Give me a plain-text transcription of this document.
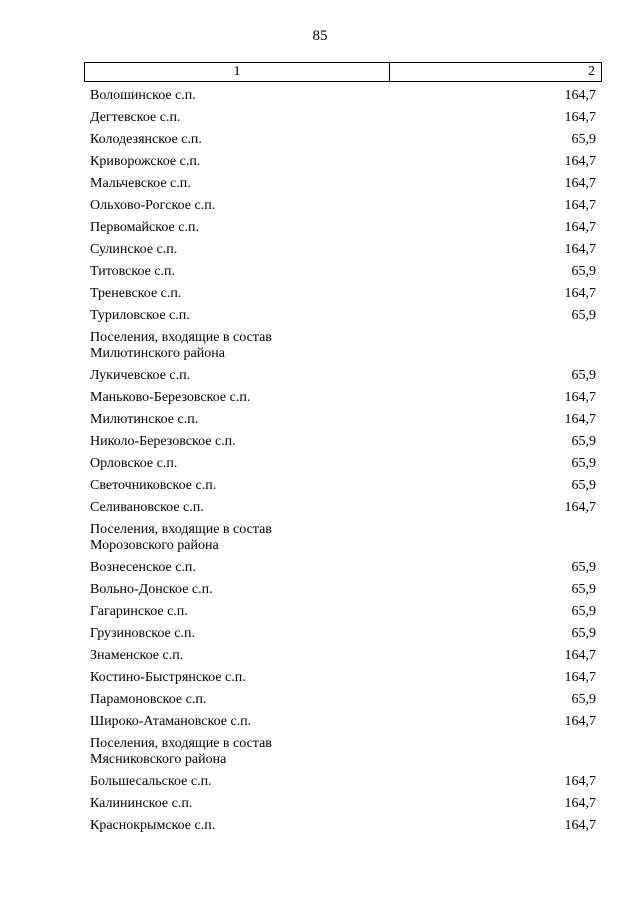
85
1	2
Волошинское с.п.	164,7
Дегтевское с.п.	164,7
Колодезянское с.п.	65,9
Криворожское с.п.	164,7
Мальчевское с.п.	164,7
Ольхово-Рогское с.п.	164,7
Первомайское с.п.	164,7
Сулинское с.п.	164,7
Титовское с.п.	65,9
Треневское с.п.	164,7
Туриловское с.п.	65,9
Поселения, входящие в состав
Милютинского района
Лукичевское с.п.	65,9
Маньково-Березовское с.п.	164,7
Милютинское с.п.	164,7
Николо-Березовское с.п.	65,9
Орловское с.п.	65,9
Светочниковское с.п.	65,9
Селивановское с.п.	164,7
Поселения, входящие в состав
Морозовского района
Вознесенское с.п.	65,9
Вольно-Донское с.п.	65,9
Гагаринское с.п.	65,9
Грузиновское с.п.	65,9
Знаменское с.п.	164,7
Костино-Быстрянское с.п.	164,7
Парамоновское с.п.	65,9
Широко-Атамановское с.п.	164,7
Поселения, входящие в состав
Мясниковского района
Большесальское с.п.	164,7
Калининское с.п.	164,7
Краснокрымское с.п.	164,7
